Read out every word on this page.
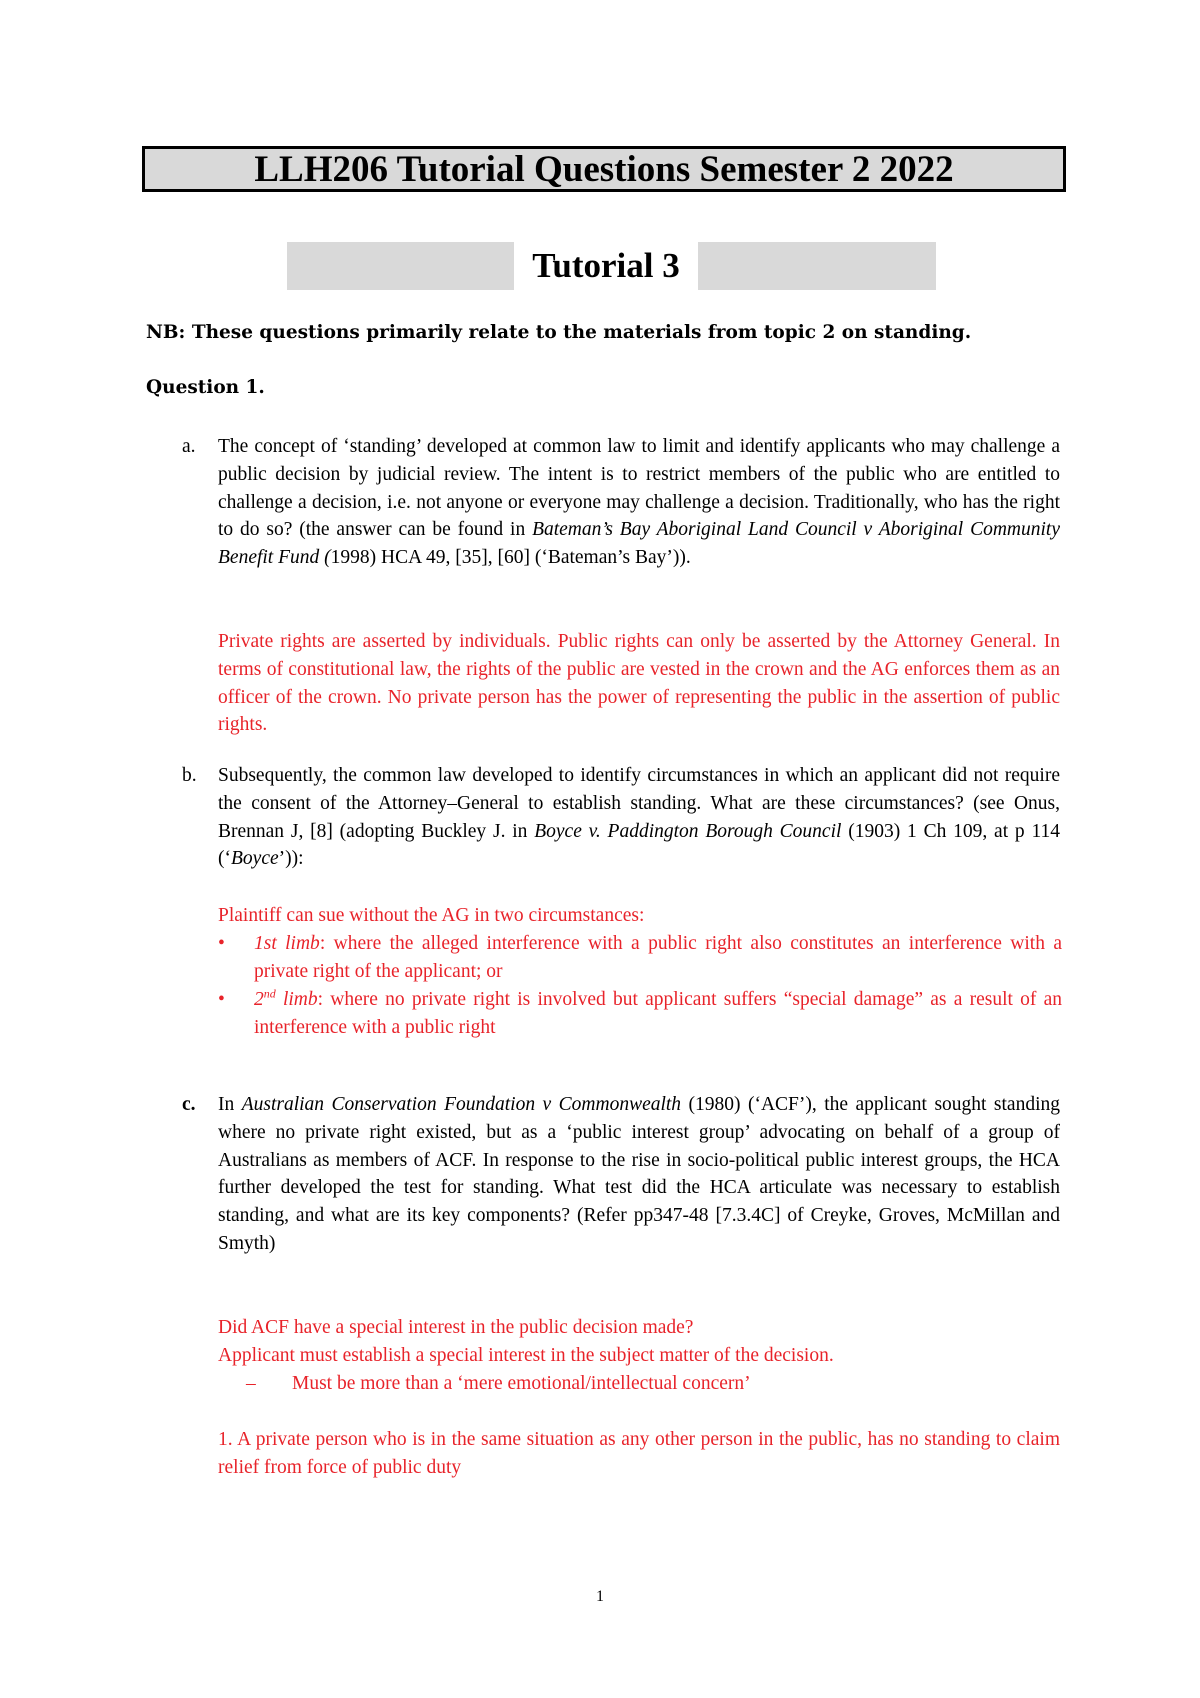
LLH206 Tutorial Questions Semester 2 2022
Tutorial 3
NB: These questions primarily relate to the materials from topic 2 on standing.
Question 1.
a. The concept of ‘standing’ developed at common law to limit and identify applicants who may challenge a public decision by judicial review. The intent is to restrict members of the public who are entitled to challenge a decision, i.e. not anyone or everyone may challenge a decision. Traditionally, who has the right to do so? (the answer can be found in Bateman’s Bay Aboriginal Land Council v Aboriginal Community Benefit Fund (1998) HCA 49, [35], [60] (‘Bateman’s Bay’)).
Private rights are asserted by individuals. Public rights can only be asserted by the Attorney General. In terms of constitutional law, the rights of the public are vested in the crown and the AG enforces them as an officer of the crown. No private person has the power of representing the public in the assertion of public rights.
b. Subsequently, the common law developed to identify circumstances in which an applicant did not require the consent of the Attorney–General to establish standing. What are these circumstances? (see Onus, Brennan J, [8] (adopting Buckley J. in Boyce v. Paddington Borough Council (1903) 1 Ch 109, at p 114 (‘Boyce’)):
Plaintiff can sue without the AG in two circumstances:
• 1st limb: where the alleged interference with a public right also constitutes an interference with a private right of the applicant; or
• 2nd limb: where no private right is involved but applicant suffers “special damage” as a result of an interference with a public right
c. In Australian Conservation Foundation v Commonwealth (1980) (‘ACF’), the applicant sought standing where no private right existed, but as a ‘public interest group’ advocating on behalf of a group of Australians as members of ACF. In response to the rise in socio-political public interest groups, the HCA further developed the test for standing. What test did the HCA articulate was necessary to establish standing, and what are its key components? (Refer pp347-48 [7.3.4C] of Creyke, Groves, McMillan and Smyth)
Did ACF have a special interest in the public decision made?
Applicant must establish a special interest in the subject matter of the decision.
– Must be more than a ‘mere emotional/intellectual concern’
1. A private person who is in the same situation as any other person in the public, has no standing to claim relief from force of public duty
1
